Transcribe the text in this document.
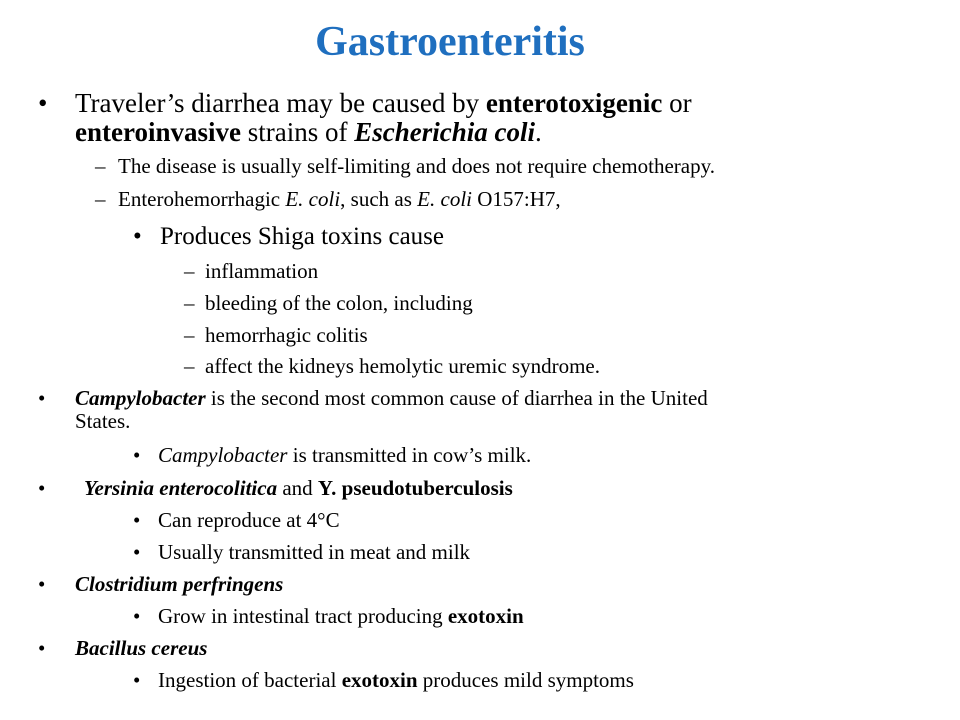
Gastroenteritis
• Traveler’s diarrhea may be caused by enterotoxigenic or
enteroinvasive strains of Escherichia coli.
– The disease is usually self-limiting and does not require chemotherapy.
– Enterohemorrhagic E. coli, such as E. coli O157:H7,
• Produces Shiga toxins cause
– inflammation
– bleeding of the colon, including
– hemorrhagic colitis
– affect the kidneys hemolytic uremic syndrome.
• Campylobacter is the second most common cause of diarrhea in the United
States.
• Campylobacter is transmitted in cow’s milk.
• Yersinia enterocolitica and Y. pseudotuberculosis
• Can reproduce at 4°C
• Usually transmitted in meat and milk
• Clostridium perfringens
• Grow in intestinal tract producing exotoxin
• Bacillus cereus
• Ingestion of bacterial exotoxin produces mild symptoms
